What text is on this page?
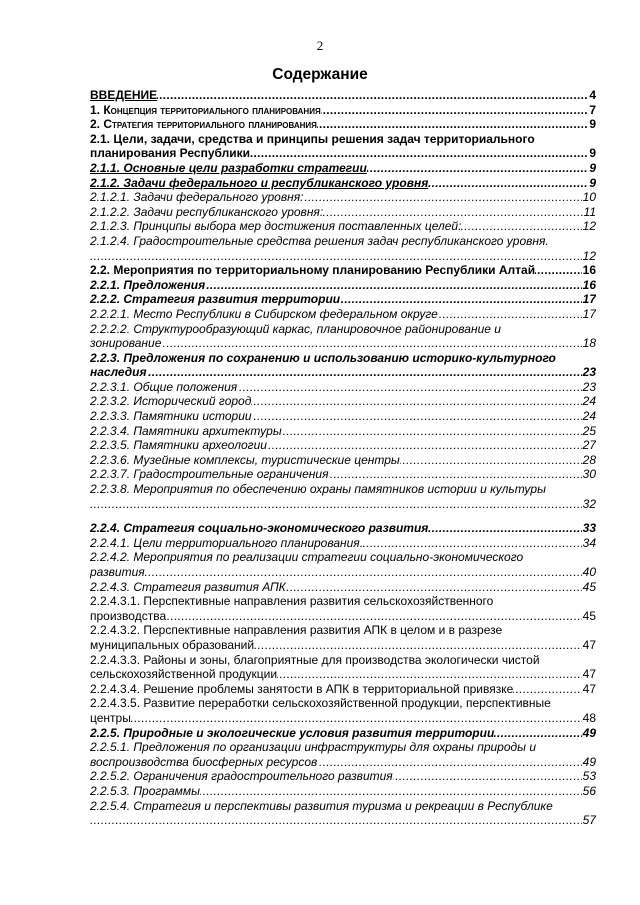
2
Содержание
ВВЕДЕНИЕ	4
.....
1. Концепция территориального планирования	7
.....
2. Стратегия территориального планирования	9
.....
2.1. Цели, задачи, средства и принципы решения задач территориального
планирования Республики	9
.....
2.1.1. Основные цели разработки стратегии	9
.....
2.1.2. Задачи федерального и республиканского уровня	9
.....
2.1.2.1. Задачи федерального уровня:	10
.....
2.1.2.2. Задачи республиканского уровня:	11
.....
2.1.2.3. Принципы выбора мер достижения поставленных целей:	12
.....
2.1.2.4. Градостроительные средства решения задач республиканского уровня.
12
.....
2.2. Мероприятия по территориальному планированию Республики Алтай	16
.....
2.2.1. Предложения	16
.....
2.2.2. Стратегия развития территории	17
.....
2.2.2.1. Место Республики в Сибирском федеральном округе	17
.....
2.2.2.2. Структурообразующий каркас, планировочное районирование и
зонирование	18
.....
2.2.3. Предложения по сохранению и использованию историко-культурного
наследия	23
.....
2.2.3.1. Общие положения	23
.....
2.2.3.2. Исторический город	24
.....
2.2.3.3. Памятники истории	24
.....
2.2.3.4. Памятники архитектуры	25
.....
2.2.3.5. Памятники археологии	27
.....
2.2.3.6. Музейные комплексы, туристические центры	28
.....
2.2.3.7. Градостроительные ограничения	30
.....
2.2.3.8. Мероприятия по обеспечению охраны памятников истории и культуры
32
.....
2.2.4. Стратегия социально-экономического развития	33
.....
2.2.4.1. Цели территориального планирования.	34
.....
2.2.4.2. Мероприятия по реализации стратегии социально-экономического
развития	40
.....
2.2.4.3. Стратегия развития АПК	45
.....
2.2.4.3.1. Перспективные направления развития сельскохозяйственного
производства	45
.....
2.2.4.3.2. Перспективные направления развития АПК в целом и в разрезе
муниципальных образований	47
.....
2.2.4.3.3. Районы и зоны, благоприятные для производства экологически чистой
сельскохозяйственной продукции	47
.....
2.2.4.3.4. Решение проблемы занятости в АПК в территориальной привязке	47
.....
2.2.4.3.5. Развитие переработки сельскохозяйственной продукции, перспективные
центры	48
.....
2.2.5. Природные и экологические условия развития территории	49
.....
2.2.5.1. Предложения по организации инфраструктуры для охраны природы и
воспроизводства биосферных ресурсов	49
.....
2.2.5.2. Ограничения градостроительного развития	53
.....
2.2.5.3. Программы	56
.....
2.2.5.4. Стратегия и перспективы развития туризма и рекреации в Республике
57
.....
